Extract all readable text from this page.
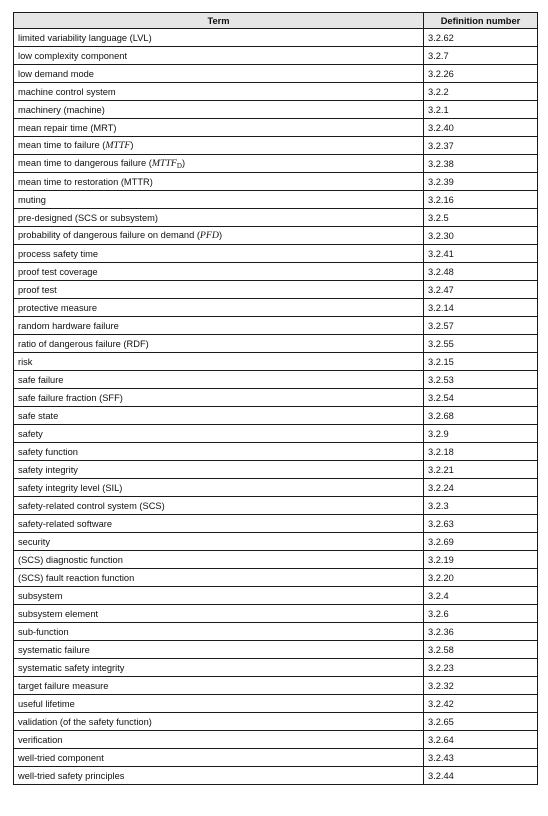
Term	Definition number
limited variability language (LVL)	3.2.62
low complexity component	3.2.7
low demand mode	3.2.26
machine control system	3.2.2
machinery (machine)	3.2.1
mean repair time (MRT)	3.2.40
mean time to failure (MTTF)	3.2.37
mean time to dangerous failure $(MTTF_D)$	3.2.38
mean time to restoration (MTTR)	3.2.39
muting	3.2.16
pre-designed (SCS or subsystem)	3.2.5
probability of dangerous failure on demand (PFD)	3.2.30
process safety time	3.2.41
proof test coverage	3.2.48
proof test	3.2.47
protective measure	3.2.14
random hardware failure	3.2.57
ratio of dangerous failure (RDF)	3.2.55
risk	3.2.15
safe failure	3.2.53
safe failure fraction (SFF)	3.2.54
safe state	3.2.68
safety	3.2.9
safety function	3.2.18
safety integrity	3.2.21
safety integrity level (SIL)	3.2.24
safety-related control system (SCS)	3.2.3
safety-related software	3.2.63
security	3.2.69
(SCS) diagnostic function	3.2.19
(SCS) fault reaction function	3.2.20
subsystem	3.2.4
subsystem element	3.2.6
sub-function	3.2.36
systematic failure	3.2.58
systematic safety integrity	3.2.23
target failure measure	3.2.32
useful lifetime	3.2.42
validation (of the safety function)	3.2.65
verification	3.2.64
well-tried component	3.2.43
well-tried safety principles	3.2.44
